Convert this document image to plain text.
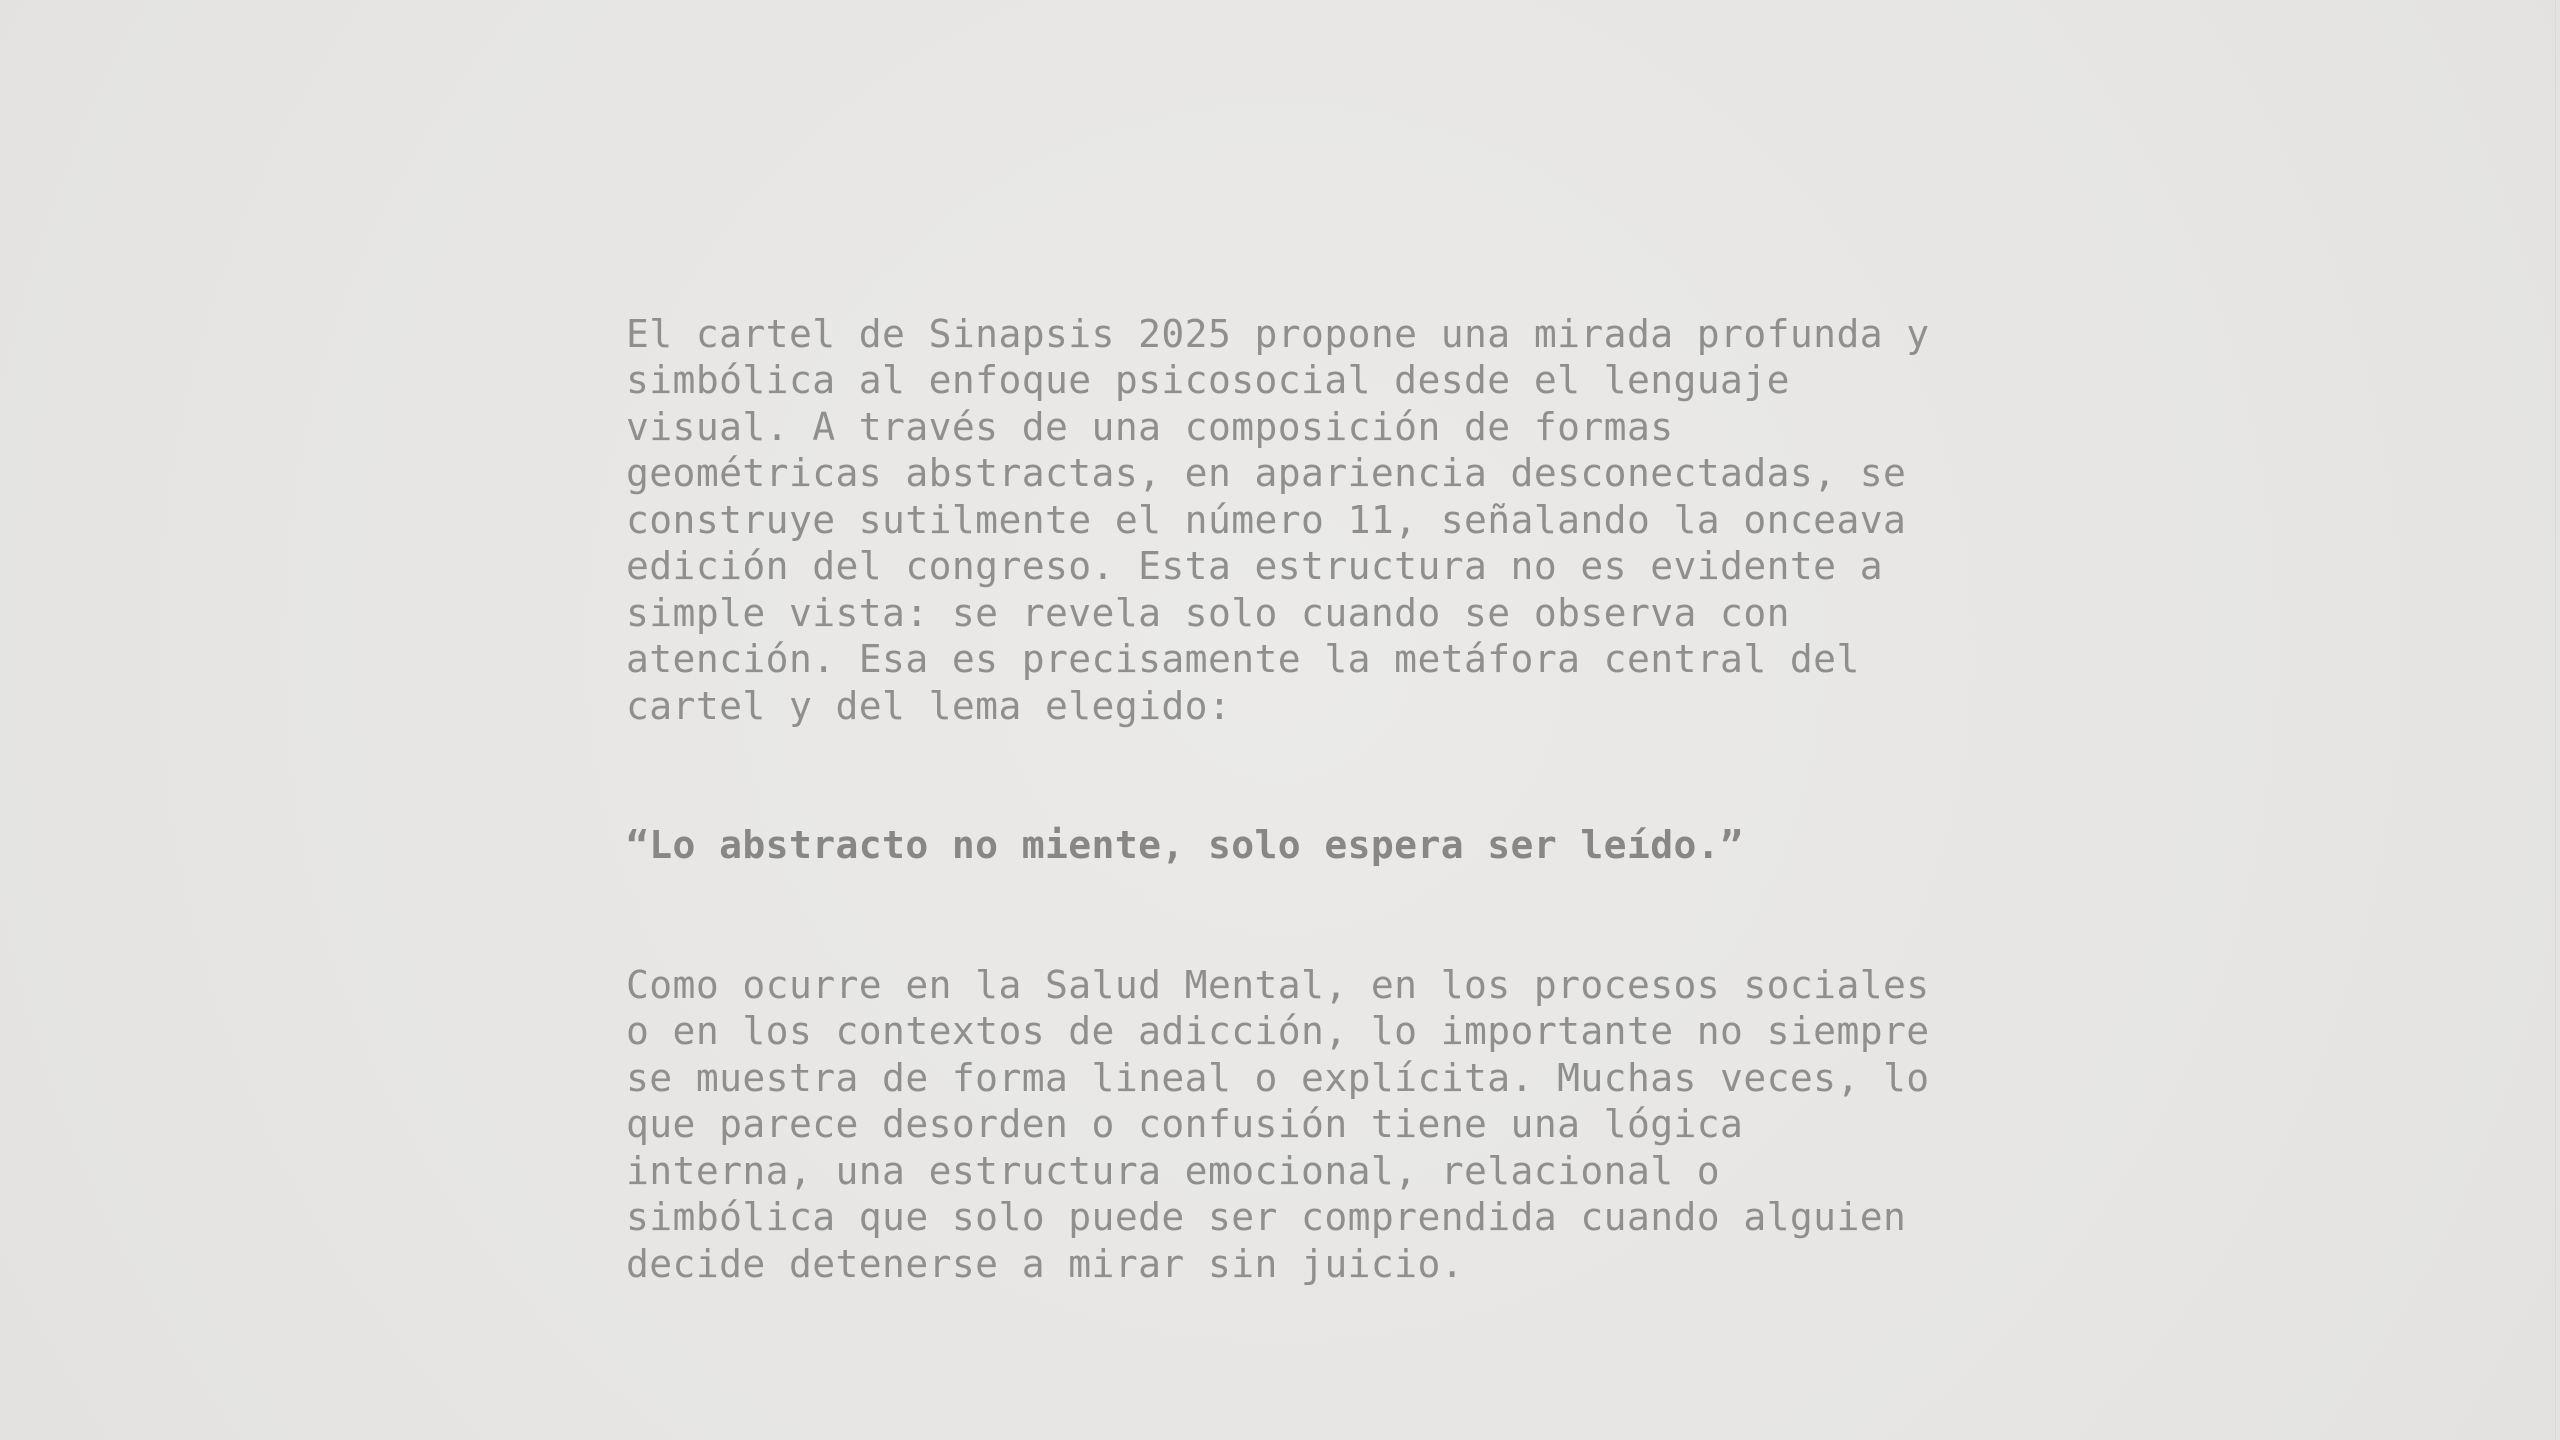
El cartel de Sinapsis 2025 propone una mirada profunda y
simbólica al enfoque psicosocial desde el lenguaje
visual. A través de una composición de formas
geométricas abstractas, en apariencia desconectadas, se
construye sutilmente el número 11, señalando la onceava
edición del congreso. Esta estructura no es evidente a
simple vista: se revela solo cuando se observa con
atención. Esa es precisamente la metáfora central del
cartel y del lema elegido:

“Lo abstracto no miente, solo espera ser leído.”

Como ocurre en la Salud Mental, en los procesos sociales
o en los contextos de adicción, lo importante no siempre
se muestra de forma lineal o explícita. Muchas veces, lo
que parece desorden o confusión tiene una lógica
interna, una estructura emocional, relacional o
simbólica que solo puede ser comprendida cuando alguien
decide detenerse a mirar sin juicio.
